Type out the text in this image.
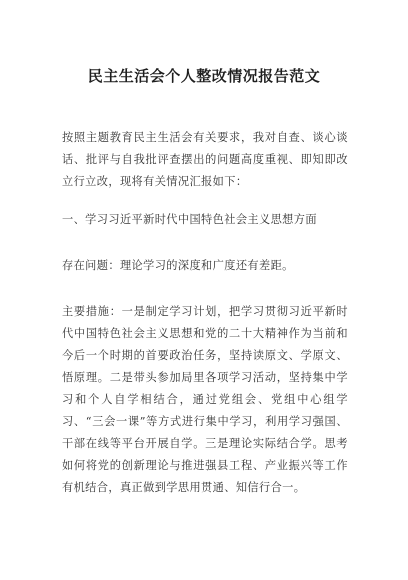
民主生活会个人整改情况报告范文

按照主题教育民主生活会有关要求，我对自查、谈心谈话、批评与自我批评查摆出的问题高度重视、即知即改立行立改，现将有关情况汇报如下：

一、学习习近平新时代中国特色社会主义思想方面

存在问题：理论学习的深度和广度还有差距。

主要措施：一是制定学习计划，把学习贯彻习近平新时代中国特色社会主义思想和党的二十大精神作为当前和今后一个时期的首要政治任务，坚持读原文、学原文、悟原理。二是带头参加局里各项学习活动，坚持集中学习和个人自学相结合，通过党组会、党组中心组学习、“三会一课”等方式进行集中学习，利用学习强国、干部在线等平台开展自学。三是理论实际结合学。思考如何将党的创新理论与推进强县工程、产业振兴等工作有机结合，真正做到学思用贯通、知信行合一。
